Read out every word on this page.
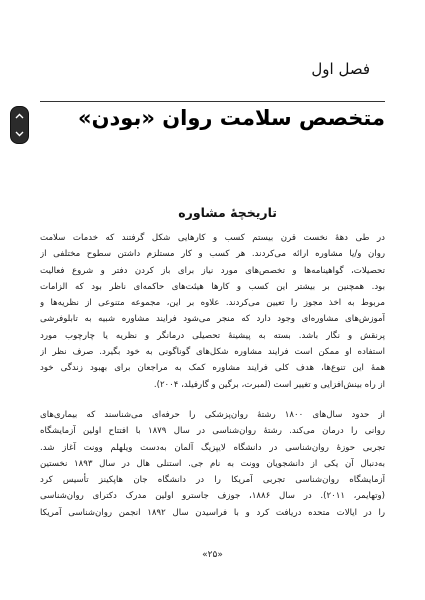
فصل اول
متخصص سلامت روان «بودن»
تاریخچهٔ مشاوره
در طی دهۀ نخست قرن بیستم کسب و کارهایی شکل گرفتند که خدمات سلامت
روان و/یا مشاوره ارائه می‌کردند. هر کسب و کار مستلزم داشتن سطوح مختلفی از
تحصیلات، گواهینامه‌ها و تخصص‌های مورد نیاز برای باز کردن دفتر و شروع فعالیت
بود. همچنین بر بیشتر این کسب و کارها هیئت‌های حاکمه‌ای ناظر بود که الزامات
مربوط به اخذ مجوز را تعیین می‌کردند. علاوه بر این، مجموعه متنوعی از نظریه‌ها و
آموزش‌های مشاوره‌ای وجود دارد که منجر می‌شود فرایند مشاوره شبیه به تابلوفرشی
پرنقش و نگار باشد. بسته به پیشینۀ تحصیلی درمانگر و نظریه یا چارچوب مورد
استفاده او ممکن است فرایند مشاوره شکل‌های گوناگونی به خود بگیرد. صرف نظر از
همۀ این تنوع‌ها، هدف کلی فرایند مشاوره کمک به مراجعان برای بهبود زندگی خود
از راه بینش‌افزایی و تغییر است (لمبرت، برگین و گارفیلد، ۲۰۰۴).
از حدود سال‌های ۱۸۰۰ رشتۀ روان‌پزشکی را حرفه‌ای می‌شناسند که بیماری‌های
روانی را درمان می‌کند. رشتۀ روان‌شناسی در سال ۱۸۷۹ با افتتاح اولین آزمایشگاه
تجربی حوزۀ روان‌شناسی در دانشگاه لایپزیگ آلمان به‌دست ویلهلم وونت آغاز شد.
به‌دنبال آن یکی از دانشجویان وونت به نام جی. استنلی هال در سال ۱۸۹۳ نخستین
آزمایشگاه روان‌شناسی تجربی آمریکا را در دانشگاه جان هاپکینز تأسیس کرد
(وتهایمر، ۲۰۱۱). در سال ۱۸۸۶، جوزف جاسترو اولین مدرک دکترای روان‌شناسی
را در ایالات متحده دریافت کرد و با فراسیدن سال ۱۸۹۲ انجمن روان‌شناسی آمریکا
«۲۵»
